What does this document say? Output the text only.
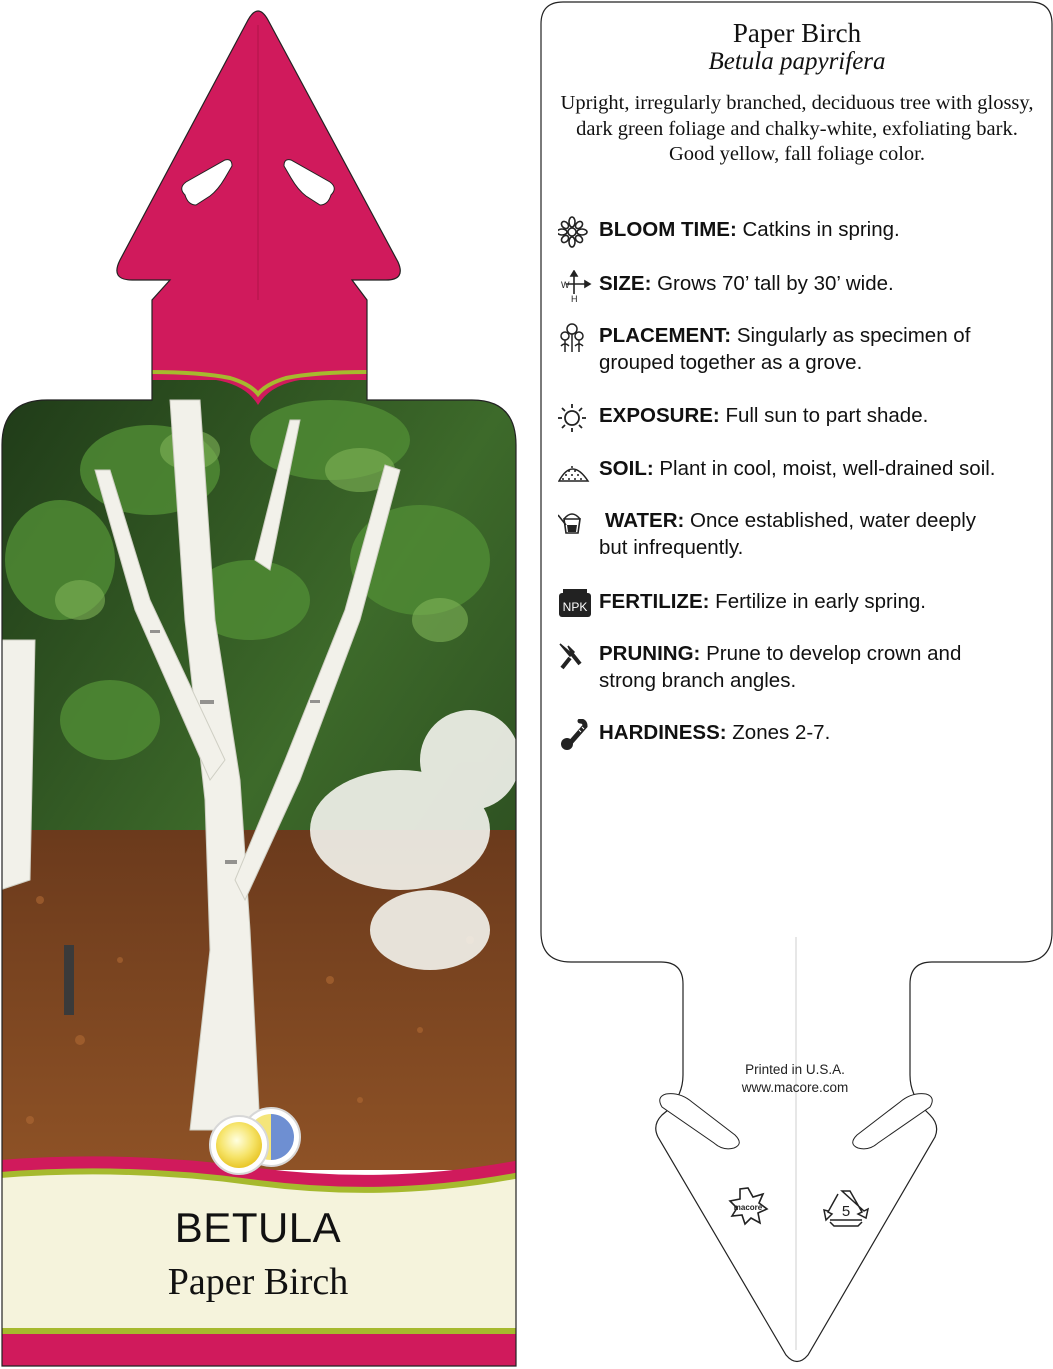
BETULA
Paper Birch
macore	5
Paper Birch
Betula papyrifera
Upright, irregularly branched, deciduous tree with glossy, dark green foliage and chalky-white, exfoliating bark. Good yellow, fall foliage color.
BLOOM TIME: Catkins in spring.
W
H
SIZE: Grows 70’ tall by 30’ wide.
PLACEMENT: Singularly as specimen of
grouped together as a grove.
EXPOSURE: Full sun to part shade.
SOIL: Plant in cool, moist, well-drained soil.
WATER: Once established, water deeply
but infrequently.
NPK FERTILIZE: Fertilize in early spring.
PRUNING: Prune to develop crown and
strong branch angles.
HARDINESS: Zones 2-7.
Printed in U.S.A.
www.macore.com
